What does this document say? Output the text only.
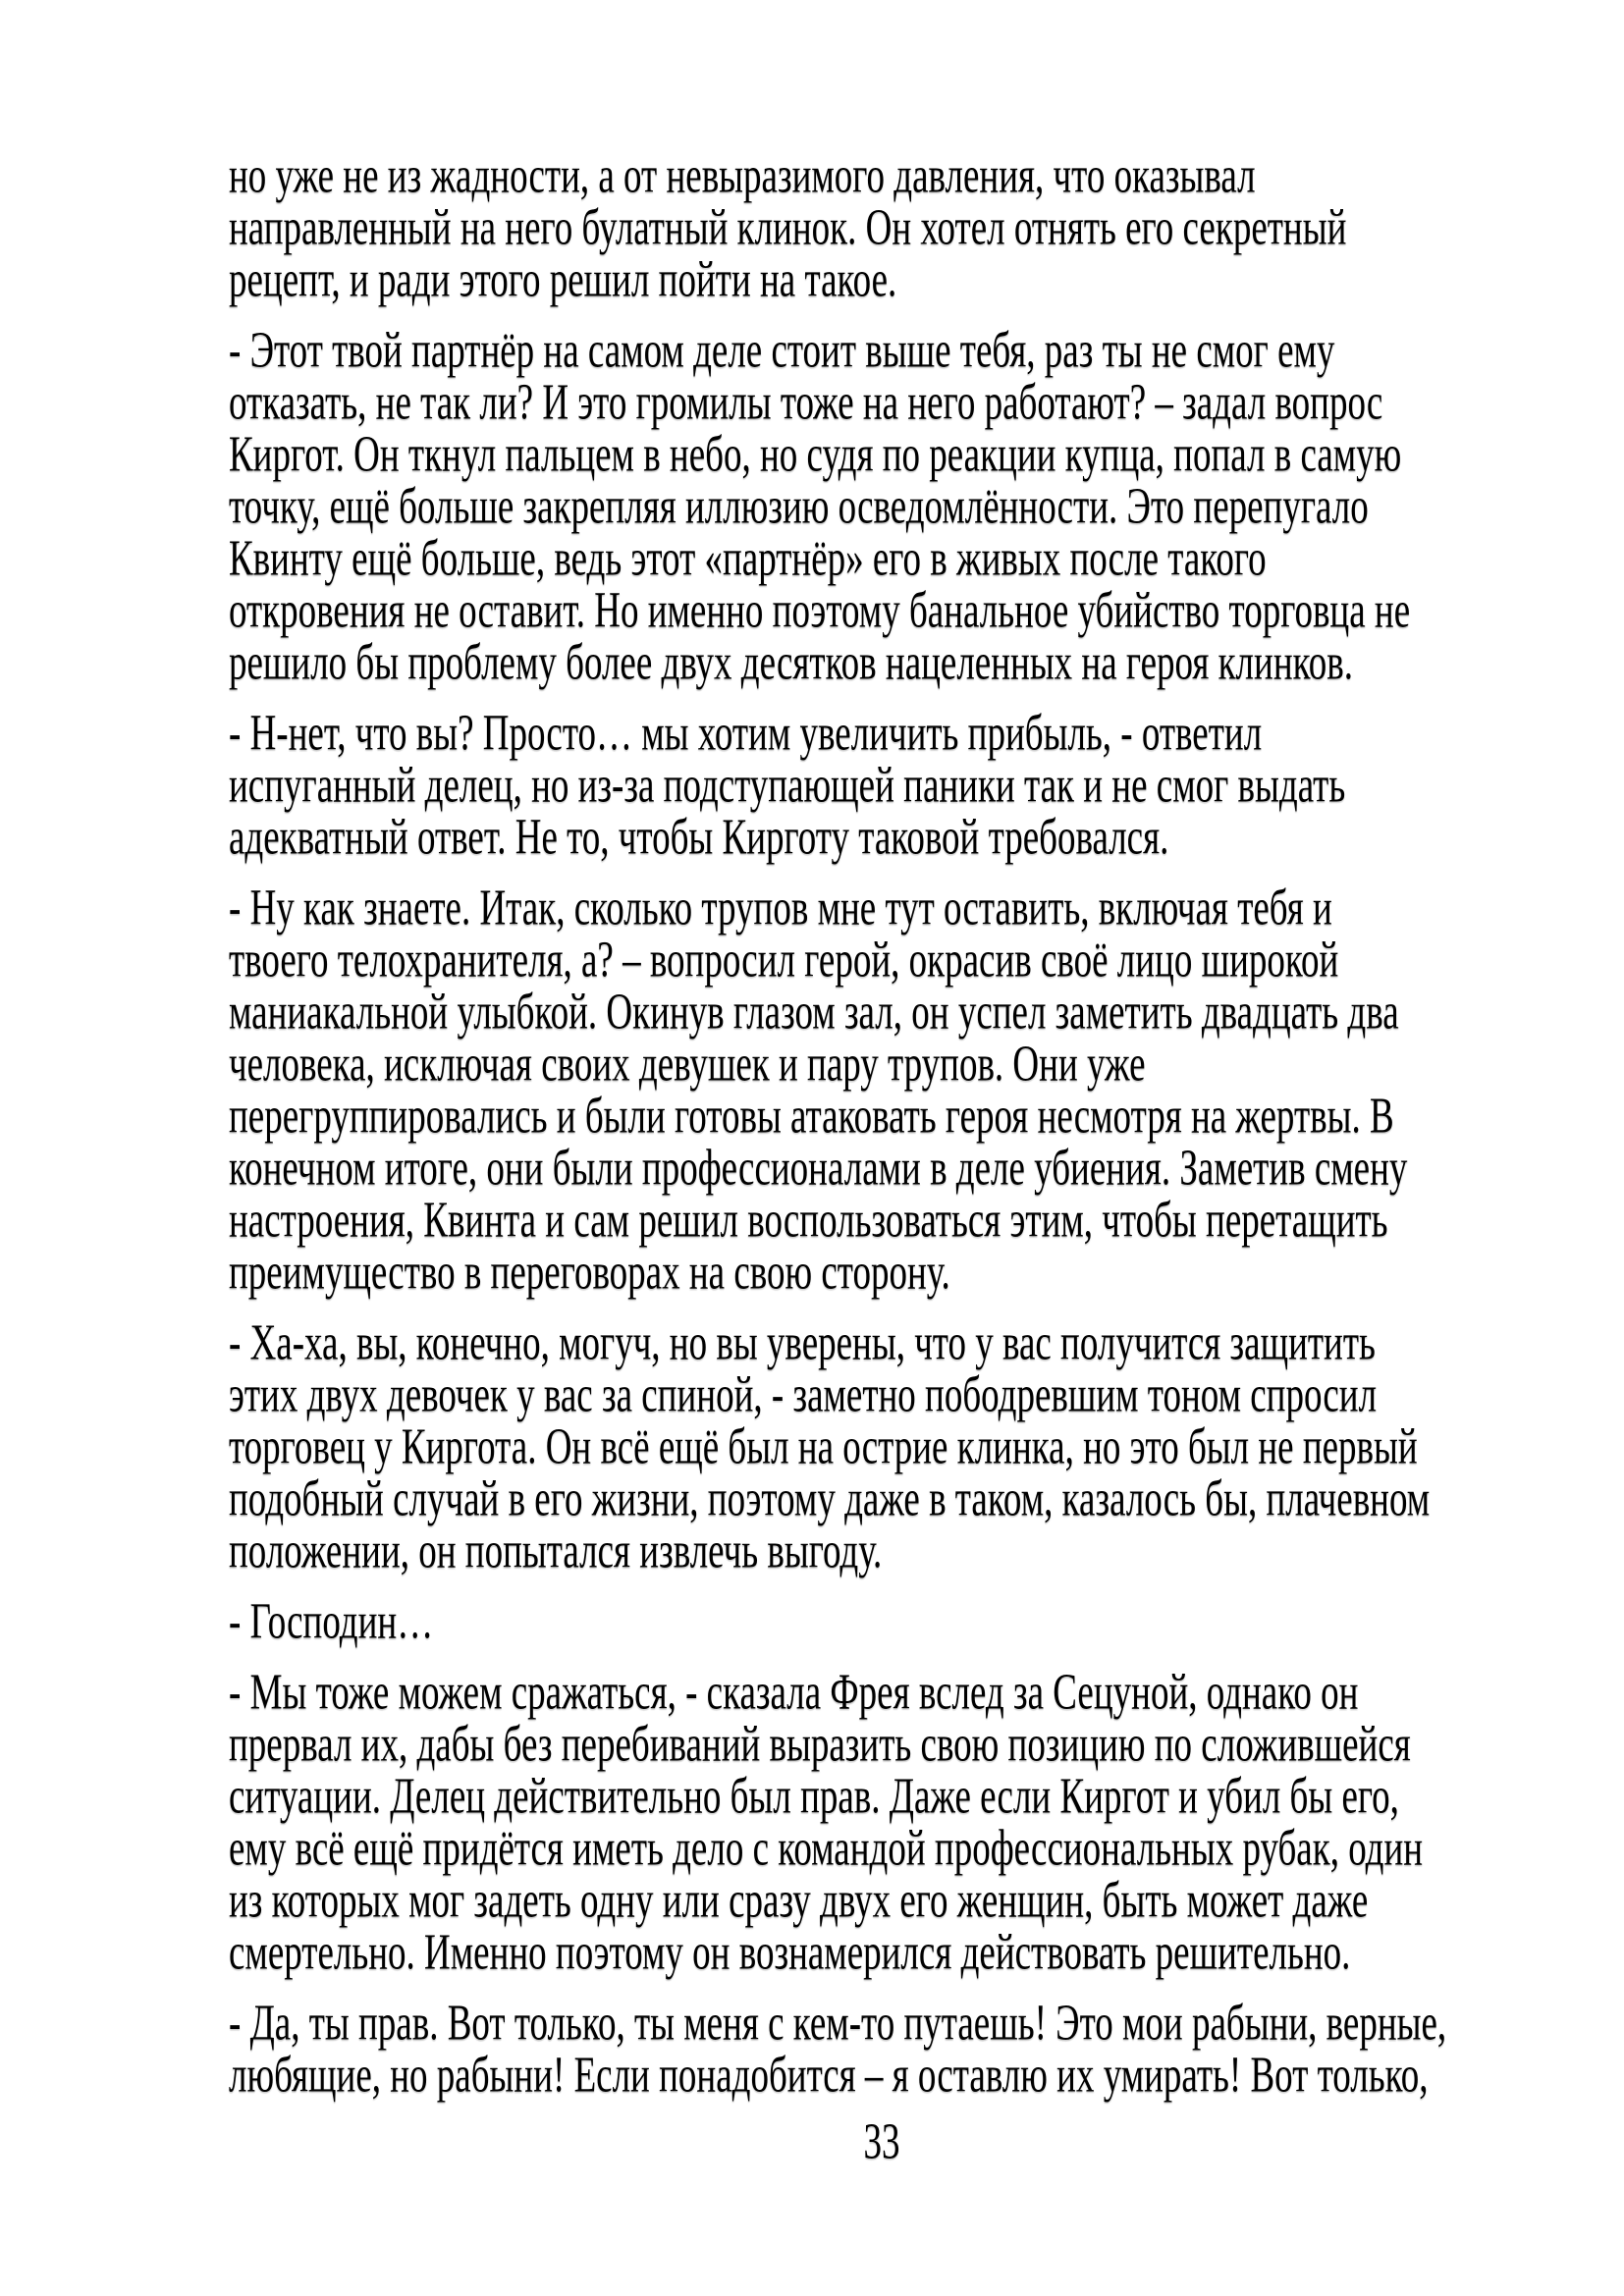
но уже не из жадности, а от невыразимого давления, что оказывал
направленный на него булатный клинок. Он хотел отнять его секретный
рецепт, и ради этого решил пойти на такое.
- Этот твой партнёр на самом деле стоит выше тебя, раз ты не смог ему
отказать, не так ли? И это громилы тоже на него работают? – задал вопрос
Киргот. Он ткнул пальцем в небо, но судя по реакции купца, попал в самую
точку, ещё больше закрепляя иллюзию осведомлённости. Это перепугало
Квинту ещё больше, ведь этот «партнёр» его в живых после такого
откровения не оставит. Но именно поэтому банальное убийство торговца не
решило бы проблему более двух десятков нацеленных на героя клинков.
- Н-нет, что вы? Просто… мы хотим увеличить прибыль, - ответил
испуганный делец, но из-за подступающей паники так и не смог выдать
адекватный ответ. Не то, чтобы Кирготу таковой требовался.
- Ну как знаете. Итак, сколько трупов мне тут оставить, включая тебя и
твоего телохранителя, а? – вопросил герой, окрасив своё лицо широкой
маниакальной улыбкой. Окинув глазом зал, он успел заметить двадцать два
человека, исключая своих девушек и пару трупов. Они уже
перегруппировались и были готовы атаковать героя несмотря на жертвы. В
конечном итоге, они были профессионалами в деле убиения. Заметив смену
настроения, Квинта и сам решил воспользоваться этим, чтобы перетащить
преимущество в переговорах на свою сторону.
- Ха-ха, вы, конечно, могуч, но вы уверены, что у вас получится защитить
этих двух девочек у вас за спиной, - заметно пободревшим тоном спросил
торговец у Киргота. Он всё ещё был на острие клинка, но это был не первый
подобный случай в его жизни, поэтому даже в таком, казалось бы, плачевном
положении, он попытался извлечь выгоду.
- Господин…
- Мы тоже можем сражаться, - сказала Фрея вслед за Сецуной, однако он
прервал их, дабы без перебиваний выразить свою позицию по сложившейся
ситуации. Делец действительно был прав. Даже если Киргот и убил бы его,
ему всё ещё придётся иметь дело с командой профессиональных рубак, один
из которых мог задеть одну или сразу двух его женщин, быть может даже
смертельно. Именно поэтому он вознамерился действовать решительно.
- Да, ты прав. Вот только, ты меня с кем-то путаешь! Это мои рабыни, верные,
любящие, но рабыни! Если понадобится – я оставлю их умирать! Вот только,
33
